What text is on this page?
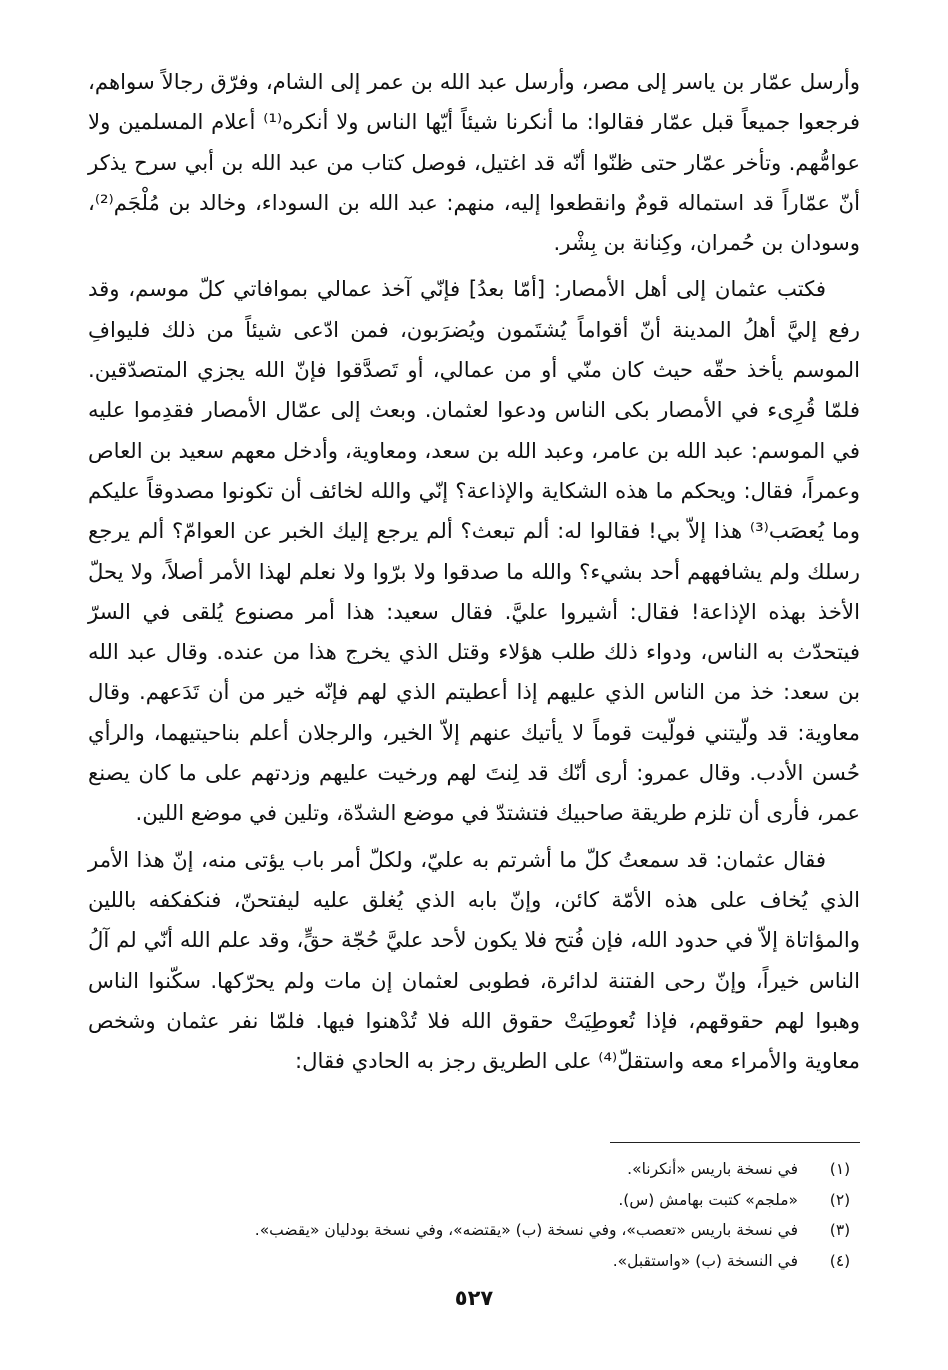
وأرسل عمّار بن ياسر إلى مصر، وأرسل عبد الله بن عمر إلى الشام، وفرّق رجالاً سواهم، فرجعوا جميعاً قبل عمّار فقالوا: ما أنكرنا شيئاً أيّها الناس ولا أنكره⁽¹⁾ أعلام المسلمين ولا عوامُّهم. وتأخر عمّار حتى ظنّوا أنّه قد اغتيل، فوصل كتاب من عبد الله بن أبي سرح يذكر أنّ عمّاراً قد استماله قومٌ وانقطعوا إليه، منهم: عبد الله بن السوداء، وخالد بن مُلْجَم⁽²⁾، وسودان بن حُمران، وكِنانة بن بِشْر.

فكتب عثمان إلى أهل الأمصار: [أمّا بعدُ] فإنّي آخذ عمالي بموافاتي كلّ موسم، وقد رفع إليَّ أهلُ المدينة أنّ أقواماً يُشتَمون ويُضرَبون، فمن ادّعى شيئاً من ذلك فليوافِ الموسم يأخذ حقّه حيث كان منّي أو من عمالي، أو تَصدَّقوا فإنّ الله يجزي المتصدّقين. فلمّا قُرِىء في الأمصار بكى الناس ودعوا لعثمان. وبعث إلى عمّال الأمصار فقدِموا عليه في الموسم: عبد الله بن عامر، وعبد الله بن سعد، ومعاوية، وأدخل معهم سعيد بن العاص وعمراً، فقال: ويحكم ما هذه الشكاية والإذاعة؟ إنّي والله لخائف أن تكونوا مصدوقاً عليكم وما يُعصَب⁽³⁾ هذا إلاّ بي! فقالوا له: ألم تبعث؟ ألم يرجع إليك الخبر عن العوامّ؟ ألم يرجع رسلك ولم يشافههم أحد بشيء؟ والله ما صدقوا ولا برّوا ولا نعلم لهذا الأمر أصلاً، ولا يحلّ الأخذ بهذه الإذاعة! فقال: أشيروا عليَّ. فقال سعيد: هذا أمر مصنوع يُلقى في السرّ فيتحدّث به الناس، ودواء ذلك طلب هؤلاء وقتل الذي يخرج هذا من عنده. وقال عبد الله بن سعد: خذ من الناس الذي عليهم إذا أعطيتم الذي لهم فإنّه خير من أن تَدَعهم. وقال معاوية: قد ولّيتني فولّيت قوماً لا يأتيك عنهم إلاّ الخير، والرجلان أعلم بناحيتيهما، والرأي حُسن الأدب. وقال عمرو: أرى أنّك قد لِنتَ لهم ورخيت عليهم وزدتهم على ما كان يصنع عمر، فأرى أن تلزم طريقة صاحبيك فتشتدّ في موضع الشدّة، وتلين في موضع اللين.

فقال عثمان: قد سمعتُ كلّ ما أشرتم به عليّ، ولكلّ أمر باب يؤتى منه، إنّ هذا الأمر الذي يُخاف على هذه الأمّة كائن، وإنّ بابه الذي يُغلق عليه ليفتحنّ، فنكفكفه باللين والمؤاتاة إلاّ في حدود الله، فإن فُتح فلا يكون لأحد عليَّ حُجّة حقٍّ، وقد علم الله أنّي لم آلُ الناس خيراً، وإنّ رحى الفتنة لدائرة، فطوبى لعثمان إن مات ولم يحرّكها. سكّنوا الناس وهبوا لهم حقوقهم، فإذا تُعوطِيَتْ حقوق الله فلا تُدْهنوا فيها. فلمّا نفر عثمان وشخص معاوية والأمراء معه واستقلّ⁽⁴⁾ على الطريق رجز به الحادي فقال:

(١)
في نسخة باريس «أنكرنا».
(٢)
«ملجم» كتبت بهامش (س).
(٣)
في نسخة باريس «تعصب»، وفي نسخة (ب) «يقتضه»، وفي نسخة بودليان «يقضب».
(٤)
في النسخة (ب) «واستقبل».
٥٢٧
